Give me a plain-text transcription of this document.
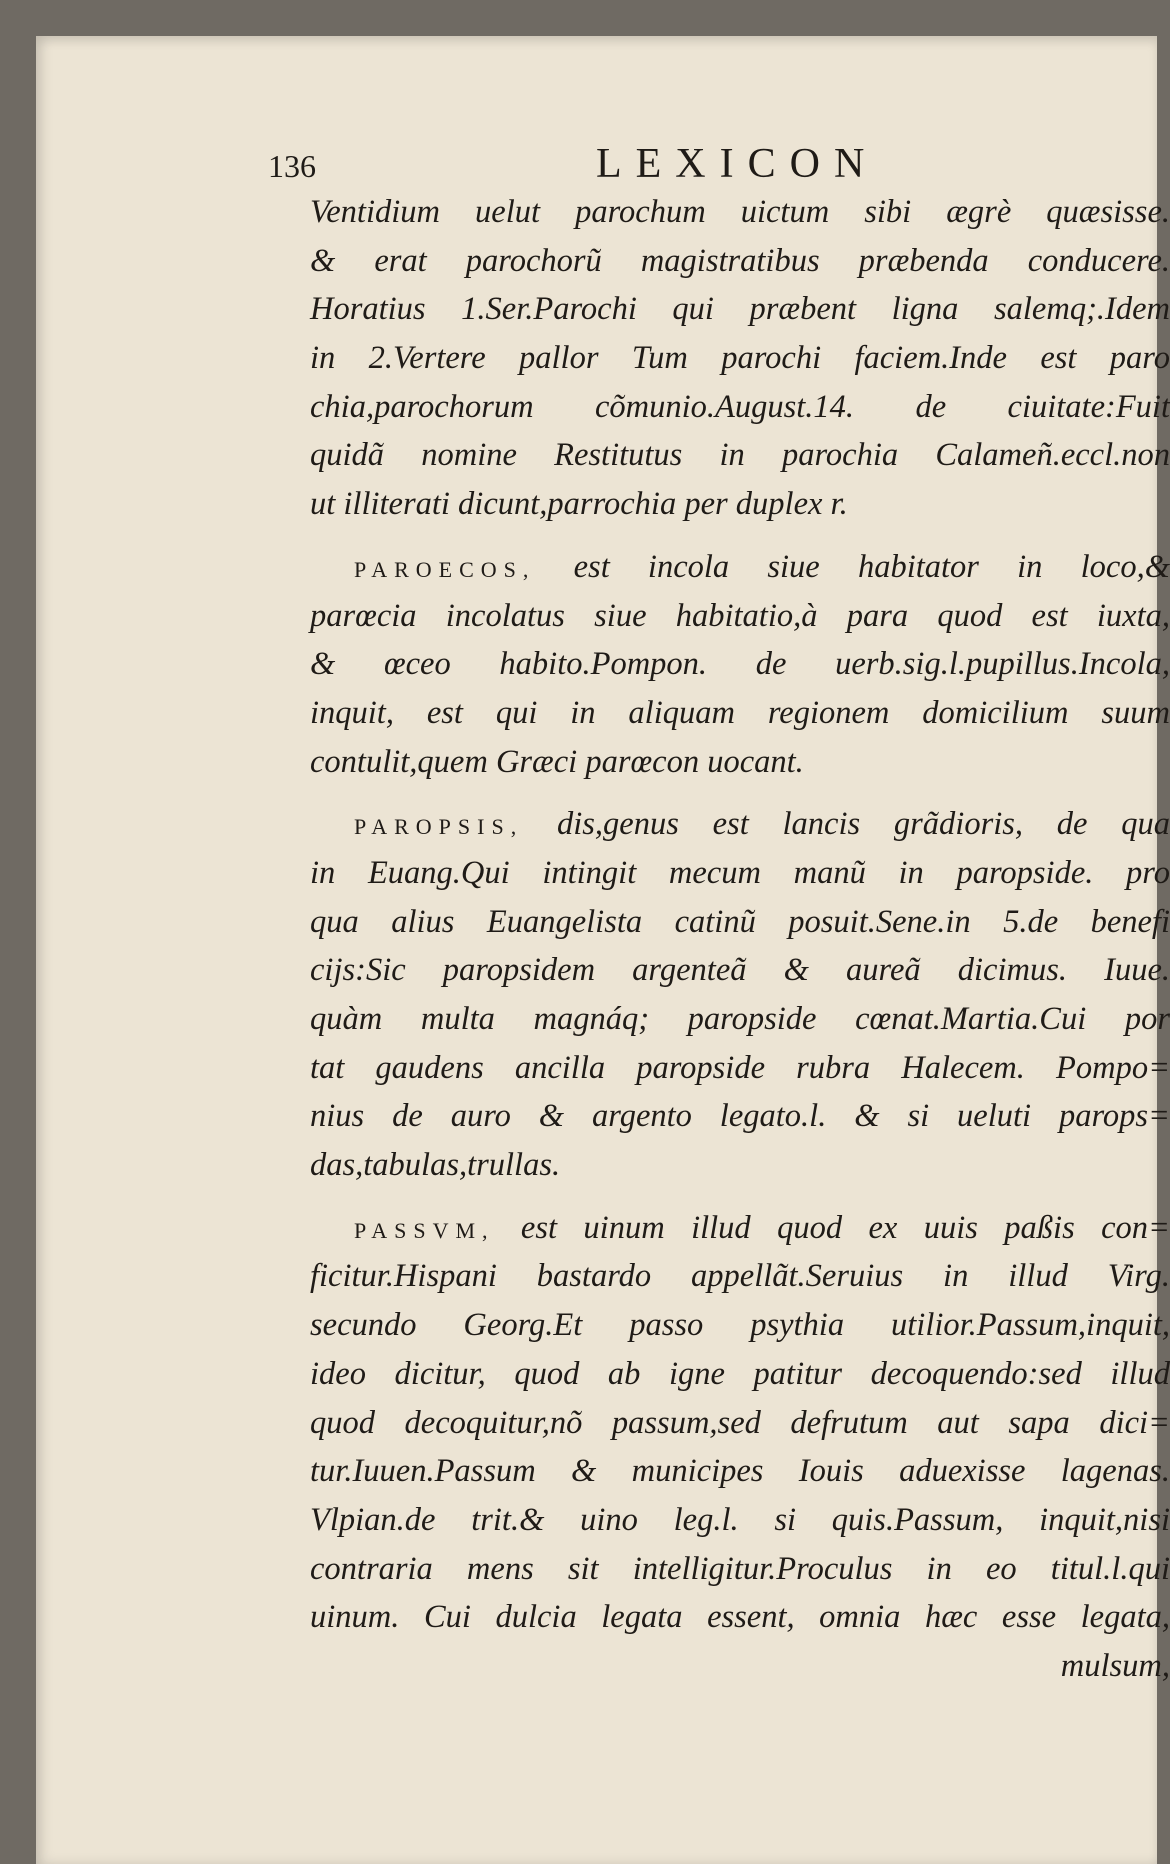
136	LEXICON
Ventidium uelut parochum uictum sibi ægrè quæsisse.
& erat parochorũ magistratibus præbenda conducere.
Horatius 1.Ser.Parochi qui præbent ligna salemq;.Idem
in 2.Vertere pallor Tum parochi faciem.Inde est paro
chia,parochorum cõmunio.August.14. de ciuitate:Fuit
quidã nomine Restitutus in parochia Calameñ.eccl.non
ut illiterati dicunt,parrochia per duplex r.
PAROECOS, est incola siue habitator in loco,&
parœcia incolatus siue habitatio,à para quod est iuxta,
& œceo habito.Pompon. de uerb.sig.l.pupillus.Incola,
inquit, est qui in aliquam regionem domicilium suum
contulit,quem Græci parœcon uocant.
PAROPSIS, dis,genus est lancis grãdioris, de qua
in Euang.Qui intingit mecum manũ in paropside. pro
qua alius Euangelista catinũ posuit.Sene.in 5.de benefi
cijs:Sic paropsidem argenteã & aureã dicimus. Iuue.
quàm multa magnáq; paropside cœnat.Martia.Cui por
tat gaudens ancilla paropside rubra Halecem. Pompo=
nius de auro & argento legato.l. & si ueluti parops=
das,tabulas,trullas.
PASSVM, est uinum illud quod ex uuis paßis con=
ficitur.Hispani bastardo appellãt.Seruius in illud Virg.
secundo Georg.Et passo psythia utilior.Passum,inquit,
ideo dicitur, quod ab igne patitur decoquendo:sed illud
quod decoquitur,nõ passum,sed defrutum aut sapa dici=
tur.Iuuen.Passum & municipes Iouis aduexisse lagenas.
Vlpian.de trit.& uino leg.l. si quis.Passum, inquit,nisi
contraria mens sit intelligitur.Proculus in eo titul.l.qui
uinum. Cui dulcia legata essent, omnia hæc esse legata,
mulsum,
